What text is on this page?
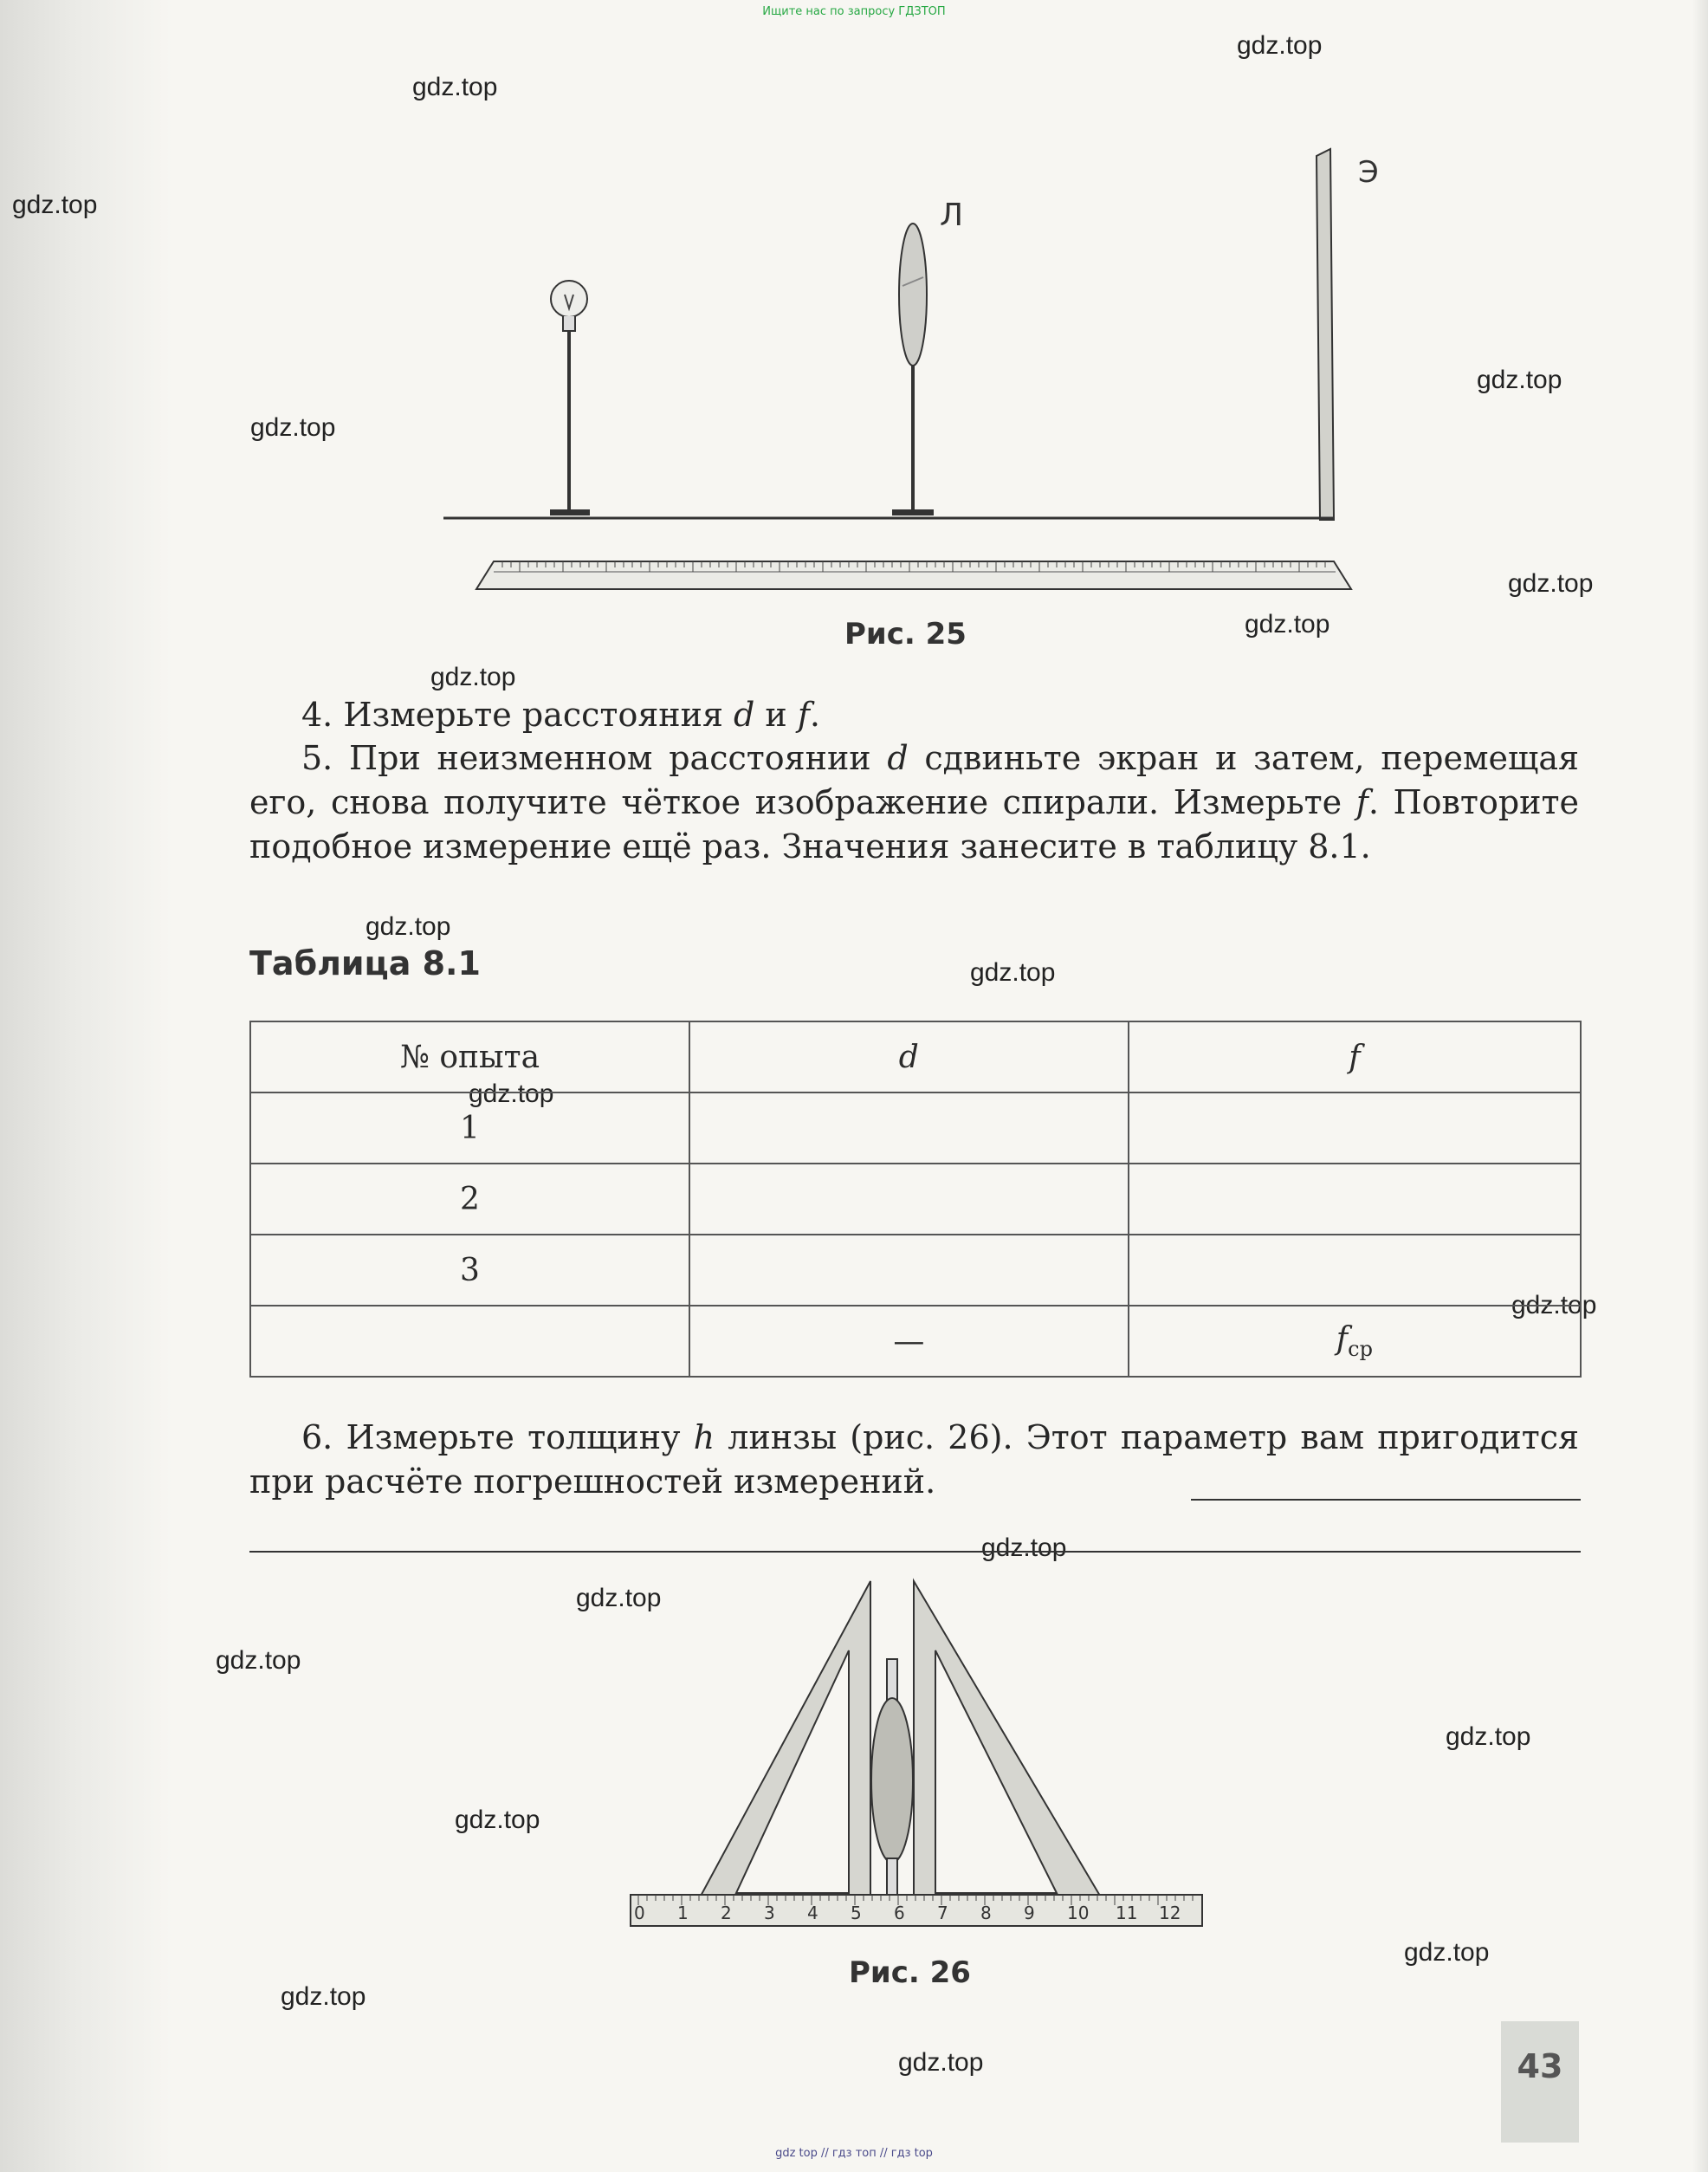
Ищите нас по запросу ГДЗТОП
gdz.top
gdz.top
gdz.top
gdz.top
gdz.top
gdz.top
gdz.top
gdz.top
gdz.top
gdz.top
gdz.top
gdz.top
gdz.top
gdz.top
gdz.top
gdz.top
gdz.top
gdz.top
gdz.top
gdz.top
Л
Э
Рис. 25
4. Измерьте расстояния d и f.
5. При неизменном расстоянии d сдвиньте экран и затем, перемещая его, снова получите чёткое изображение спирали. Измерьте f. Повторите подобное измерение ещё раз. Значения занесите в таблицу 8.1.
Таблица 8.1
№ опыта	d	f
1		
2		
3		
	—	$f_{ср}$
6. Измерьте толщину h линзы (рис. 26). Этот параметр вам пригодится при расчёте погрешностей измерений.
0 1 2 3 4 5 6 7 8 9 10 11 12
Рис. 26
43
gdz top // гдз топ // гдз top
